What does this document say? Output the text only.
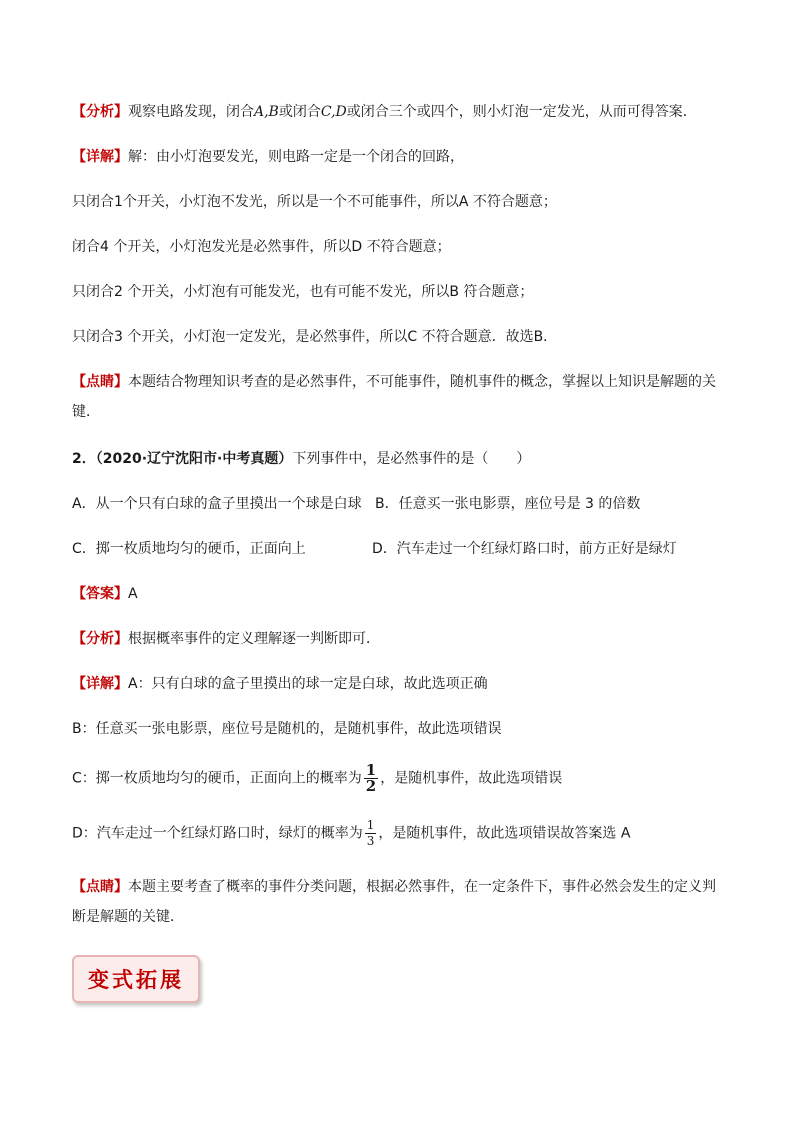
【分析】观察电路发现，闭合A,B或闭合C,D或闭合三个或四个，则小灯泡一定发光，从而可得答案．
【详解】解：由小灯泡要发光，则电路一定是一个闭合的回路，
只闭合1个开关，小灯泡不发光，所以是一个不可能事件，所以A 不符合题意；
闭合4 个开关，小灯泡发光是必然事件，所以D 不符合题意；
只闭合2 个开关，小灯泡有可能发光，也有可能不发光，所以B 符合题意；
只闭合3 个开关，小灯泡一定发光，是必然事件，所以C 不符合题意．故选B．
【点睛】本题结合物理知识考查的是必然事件，不可能事件，随机事件的概念，掌握以上知识是解题的关
键．
2．（2020·辽宁沈阳市·中考真题）下列事件中，是必然事件的是（　　）
A．从一个只有白球的盒子里摸出一个球是白球 B．任意买一张电影票，座位号是 3 的倍数
C．掷一枚质地均匀的硬币，正面向上	D．汽车走过一个红绿灯路口时，前方正好是绿灯
【答案】A
【分析】根据概率事件的定义理解逐一判断即可．
【详解】A：只有白球的盒子里摸出的球一定是白球，故此选项正确
B：任意买一张电影票，座位号是随机的，是随机事件，故此选项错误
C：掷一枚质地均匀的硬币，正面向上的概率为 $\frac{1}{2}$ ，是随机事件，故此选项错误
D：汽车走过一个红绿灯路口时，绿灯的概率为 $\frac{1}{3}$ ，是随机事件，故此选项错误故答案选 A
【点睛】本题主要考查了概率的事件分类问题，根据必然事件，在一定条件下，事件必然会发生的定义判
断是解题的关键．
变式拓展
